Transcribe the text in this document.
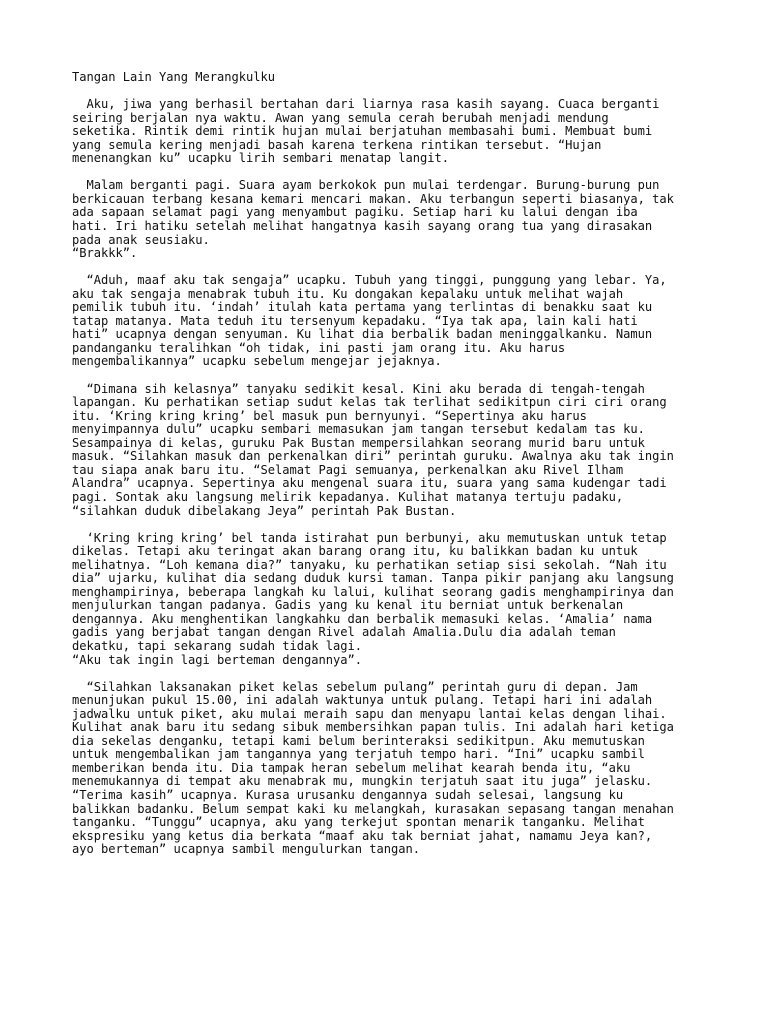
Tangan Lain Yang Merangkulku
Aku, jiwa yang berhasil bertahan dari liarnya rasa kasih sayang. Cuaca berganti
seiring berjalan nya waktu. Awan yang semula cerah berubah menjadi mendung
seketika. Rintik demi rintik hujan mulai berjatuhan membasahi bumi. Membuat bumi
yang semula kering menjadi basah karena terkena rintikan tersebut. “Hujan
menenangkan ku” ucapku lirih sembari menatap langit.
Malam berganti pagi. Suara ayam berkokok pun mulai terdengar. Burung-burung pun
berkicauan terbang kesana kemari mencari makan. Aku terbangun seperti biasanya, tak
ada sapaan selamat pagi yang menyambut pagiku. Setiap hari ku lalui dengan iba
hati. Iri hatiku setelah melihat hangatnya kasih sayang orang tua yang dirasakan
pada anak seusiaku.
“Brakkk”.
“Aduh, maaf aku tak sengaja” ucapku. Tubuh yang tinggi, punggung yang lebar. Ya,
aku tak sengaja menabrak tubuh itu. Ku dongakan kepalaku untuk melihat wajah
pemilik tubuh itu. ‘indah’ itulah kata pertama yang terlintas di benakku saat ku
tatap matanya. Mata teduh itu tersenyum kepadaku. “Iya tak apa, lain kali hati
hati” ucapnya dengan senyuman. Ku lihat dia berbalik badan meninggalkanku. Namun
pandanganku teralihkan “oh tidak, ini pasti jam orang itu. Aku harus
mengembalikannya” ucapku sebelum mengejar jejaknya.
“Dimana sih kelasnya” tanyaku sedikit kesal. Kini aku berada di tengah-tengah
lapangan. Ku perhatikan setiap sudut kelas tak terlihat sedikitpun ciri ciri orang
itu. ‘Kring kring kring’ bel masuk pun bernyunyi. “Sepertinya aku harus
menyimpannya dulu” ucapku sembari memasukan jam tangan tersebut kedalam tas ku.
Sesampainya di kelas, guruku Pak Bustan mempersilahkan seorang murid baru untuk
masuk. “Silahkan masuk dan perkenalkan diri” perintah guruku. Awalnya aku tak ingin
tau siapa anak baru itu. “Selamat Pagi semuanya, perkenalkan aku Rivel Ilham
Alandra” ucapnya. Sepertinya aku mengenal suara itu, suara yang sama kudengar tadi
pagi. Sontak aku langsung melirik kepadanya. Kulihat matanya tertuju padaku,
“silahkan duduk dibelakang Jeya” perintah Pak Bustan.
‘Kring kring kring’ bel tanda istirahat pun berbunyi, aku memutuskan untuk tetap
dikelas. Tetapi aku teringat akan barang orang itu, ku balikkan badan ku untuk
melihatnya. “Loh kemana dia?” tanyaku, ku perhatikan setiap sisi sekolah. “Nah itu
dia” ujarku, kulihat dia sedang duduk kursi taman. Tanpa pikir panjang aku langsung
menghampirinya, beberapa langkah ku lalui, kulihat seorang gadis menghampirinya dan
menjulurkan tangan padanya. Gadis yang ku kenal itu berniat untuk berkenalan
dengannya. Aku menghentikan langkahku dan berbalik memasuki kelas. ‘Amalia’ nama
gadis yang berjabat tangan dengan Rivel adalah Amalia.Dulu dia adalah teman
dekatku, tapi sekarang sudah tidak lagi.
“Aku tak ingin lagi berteman dengannya”.
“Silahkan laksanakan piket kelas sebelum pulang” perintah guru di depan. Jam
menunjukan pukul 15.00, ini adalah waktunya untuk pulang. Tetapi hari ini adalah
jadwalku untuk piket, aku mulai meraih sapu dan menyapu lantai kelas dengan lihai.
Kulihat anak baru itu sedang sibuk membersihkan papan tulis. Ini adalah hari ketiga
dia sekelas denganku, tetapi kami belum berinteraksi sedikitpun. Aku memutuskan
untuk mengembalikan jam tangannya yang terjatuh tempo hari. “Ini” ucapku sambil
memberikan benda itu. Dia tampak heran sebelum melihat kearah benda itu, “aku
menemukannya di tempat aku menabrak mu, mungkin terjatuh saat itu juga” jelasku.
“Terima kasih” ucapnya. Kurasa urusanku dengannya sudah selesai, langsung ku
balikkan badanku. Belum sempat kaki ku melangkah, kurasakan sepasang tangan menahan
tanganku. “Tunggu” ucapnya, aku yang terkejut spontan menarik tanganku. Melihat
ekspresiku yang ketus dia berkata “maaf aku tak berniat jahat, namamu Jeya kan?,
ayo berteman” ucapnya sambil mengulurkan tangan.
